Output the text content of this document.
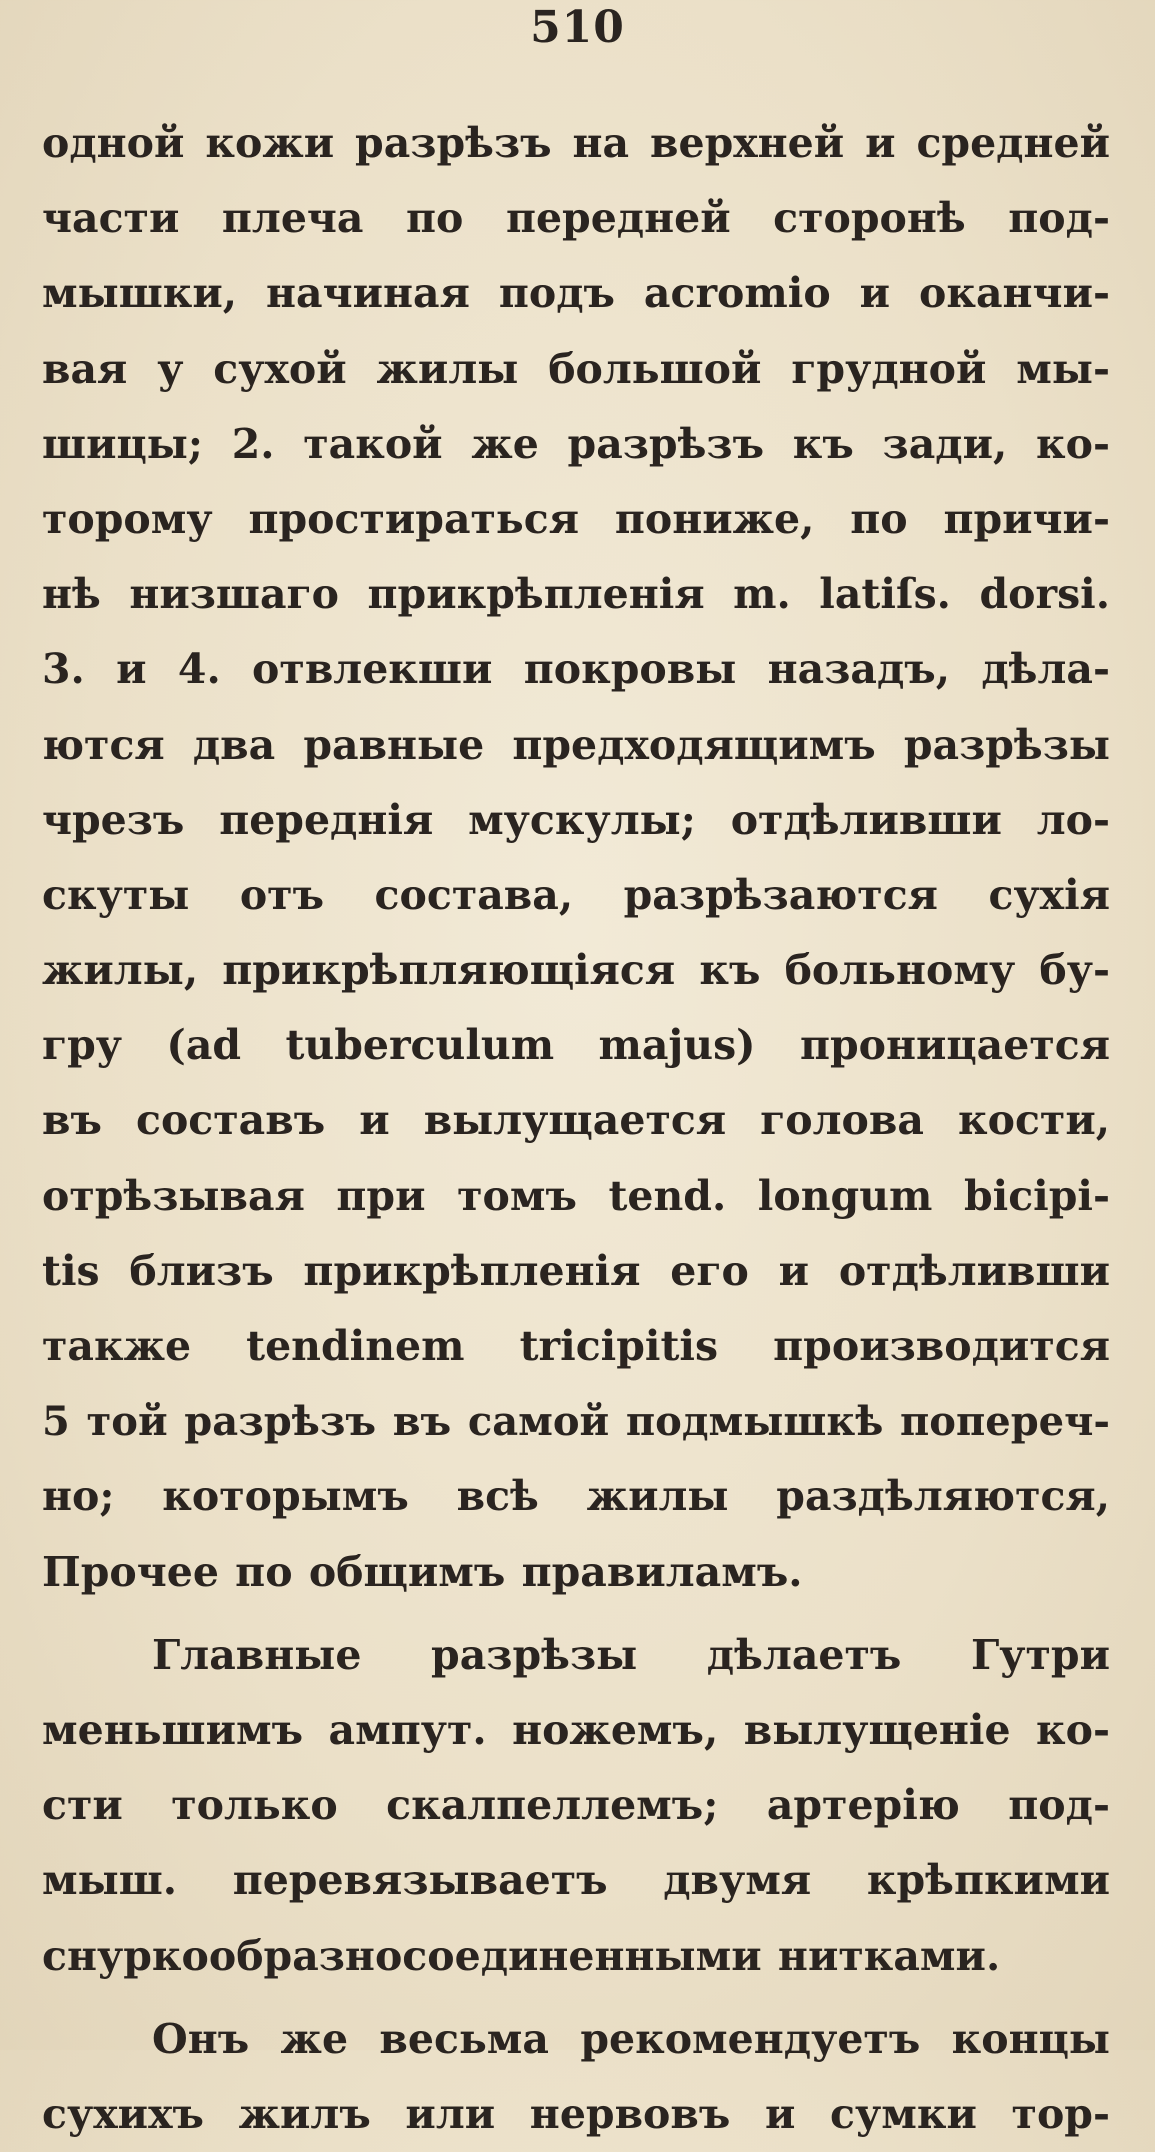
510
одной кожи разрѣзъ на верхней и средней
части плеча по передней сторонѣ под-
мышки, начиная подъ acromio и оканчи-
вая у сухой жилы большой грудной мы-
шицы; 2. такой же разрѣзъ къ зади, ко-
торому простираться пониже, по причи-
нѣ низшаго прикрѣпленія m. latiſs. dorsi.
3. и 4. отвлекши покровы назадъ, дѣла-
ются два равные предходящимъ разрѣзы
чрезъ переднія мускулы; отдѣливши ло-
скуты отъ состава, разрѣзаются сухія
жилы, прикрѣпляющіяся къ больному бу-
гру (ad tuberculum majus) проницается
въ составъ и вылущается голова кости,
отрѣзывая при томъ tend. longum bicipi-
tis близъ прикрѣпленія его и отдѣливши
также tendinem tricipitis производится
5 той разрѣзъ въ самой подмышкѣ попереч-
но; которымъ всѣ жилы раздѣляются,
Прочее по общимъ правиламъ.
Главные разрѣзы дѣлаетъ Гутри
меньшимъ ампут. ножемъ, вылущеніе ко-
сти только скалпеллемъ; артерію под-
мыш. перевязываетъ двумя крѣпкими
снуркообразносоединенными нитками.
Онъ же весьма рекомендуетъ концы
сухихъ жилъ или нервовъ и сумки тор-
